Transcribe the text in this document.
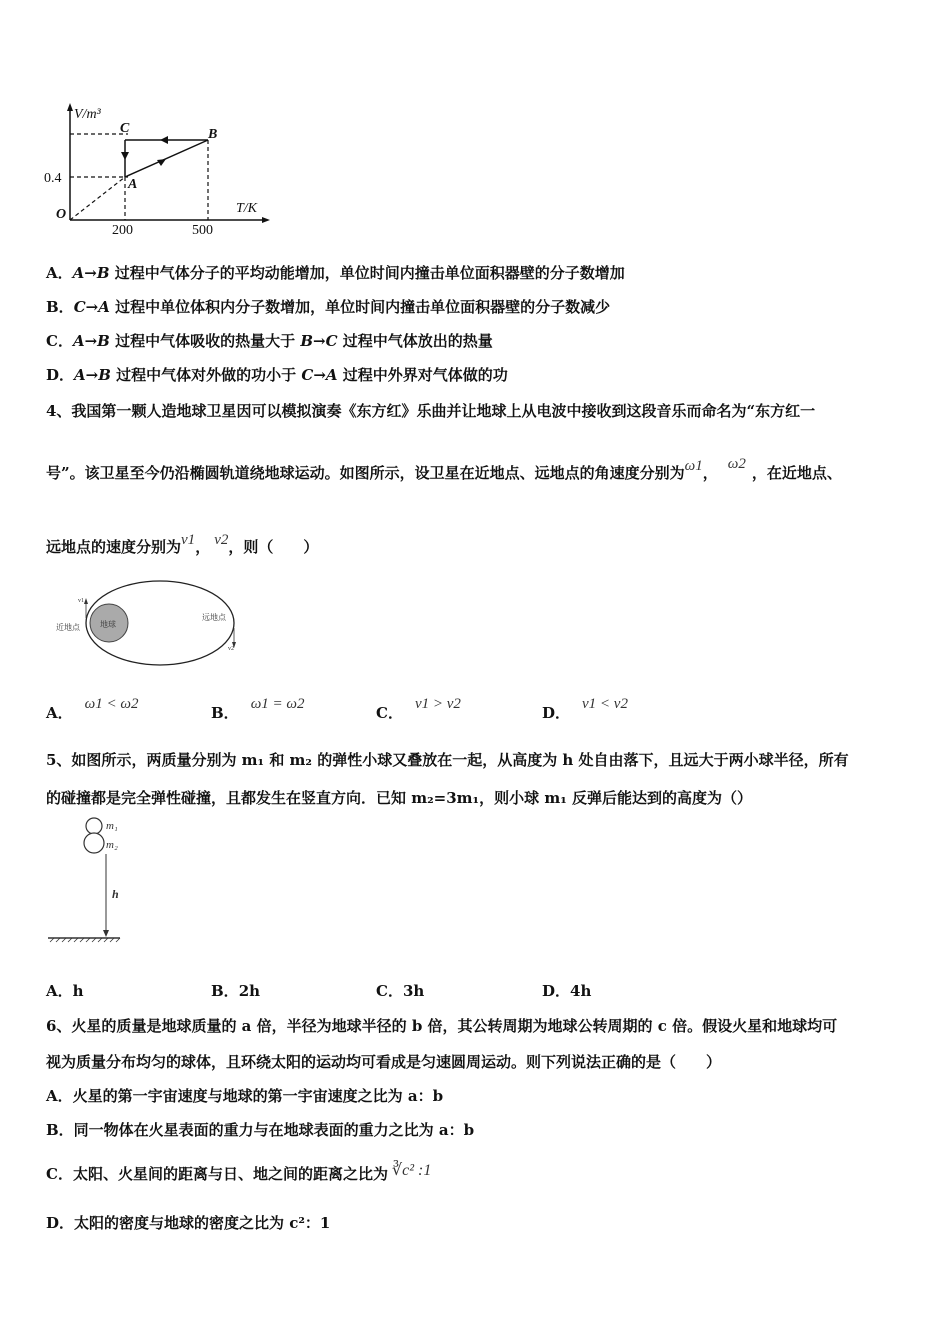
V/m³
T/K
O
0.4
200	500
A
B
C
A．A→B 过程中气体分子的平均动能增加，单位时间内撞击单位面积器壁的分子数增加
B．C→A 过程中单位体积内分子数增加，单位时间内撞击单位面积器壁的分子数减少
C．A→B 过程中气体吸收的热量大于 B→C 过程中气体放出的热量
D．A→B 过程中气体对外做的功小于 C→A 过程中外界对气体做的功
4、我国第一颗人造地球卫星因可以模拟演奏《东方红》乐曲并让地球上从电波中接收到这段音乐而命名为“东方红一
号”。该卫星至今仍沿椭圆轨道绕地球运动。如图所示，设卫星在近地点、远地点的角速度分别为ω1， ω2 ，在近地点、
远地点的速度分别为v1， v2，则（　　）
地球
近地点
远地点
v1
v2
A． ω1 < ω2	B． ω1 = ω2	C． v1 > v2	D． v1 < v2
5、如图所示，两质量分别为 m₁ 和 m₂ 的弹性小球又叠放在一起，从高度为 h 处自由落下，且远大于两小球半径，所有
的碰撞都是完全弹性碰撞，且都发生在竖直方向．已知 m₂=3m₁，则小球 m₁ 反弹后能达到的高度为（）
m₁
m₂
h
A．h	B．2h	C．3h	D．4h
6、火星的质量是地球质量的 a 倍，半径为地球半径的 b 倍，其公转周期为地球公转周期的 c 倍。假设火星和地球均可
视为质量分布均匀的球体，且环绕太阳的运动均可看成是匀速圆周运动。则下列说法正确的是（　　）
A．火星的第一宇宙速度与地球的第一宇宙速度之比为 a：b
B．同一物体在火星表面的重力与在地球表面的重力之比为 a：b
C．太阳、火星间的距离与日、地之间的距离之比为 ∛c² :1
D．太阳的密度与地球的密度之比为 c²：1
